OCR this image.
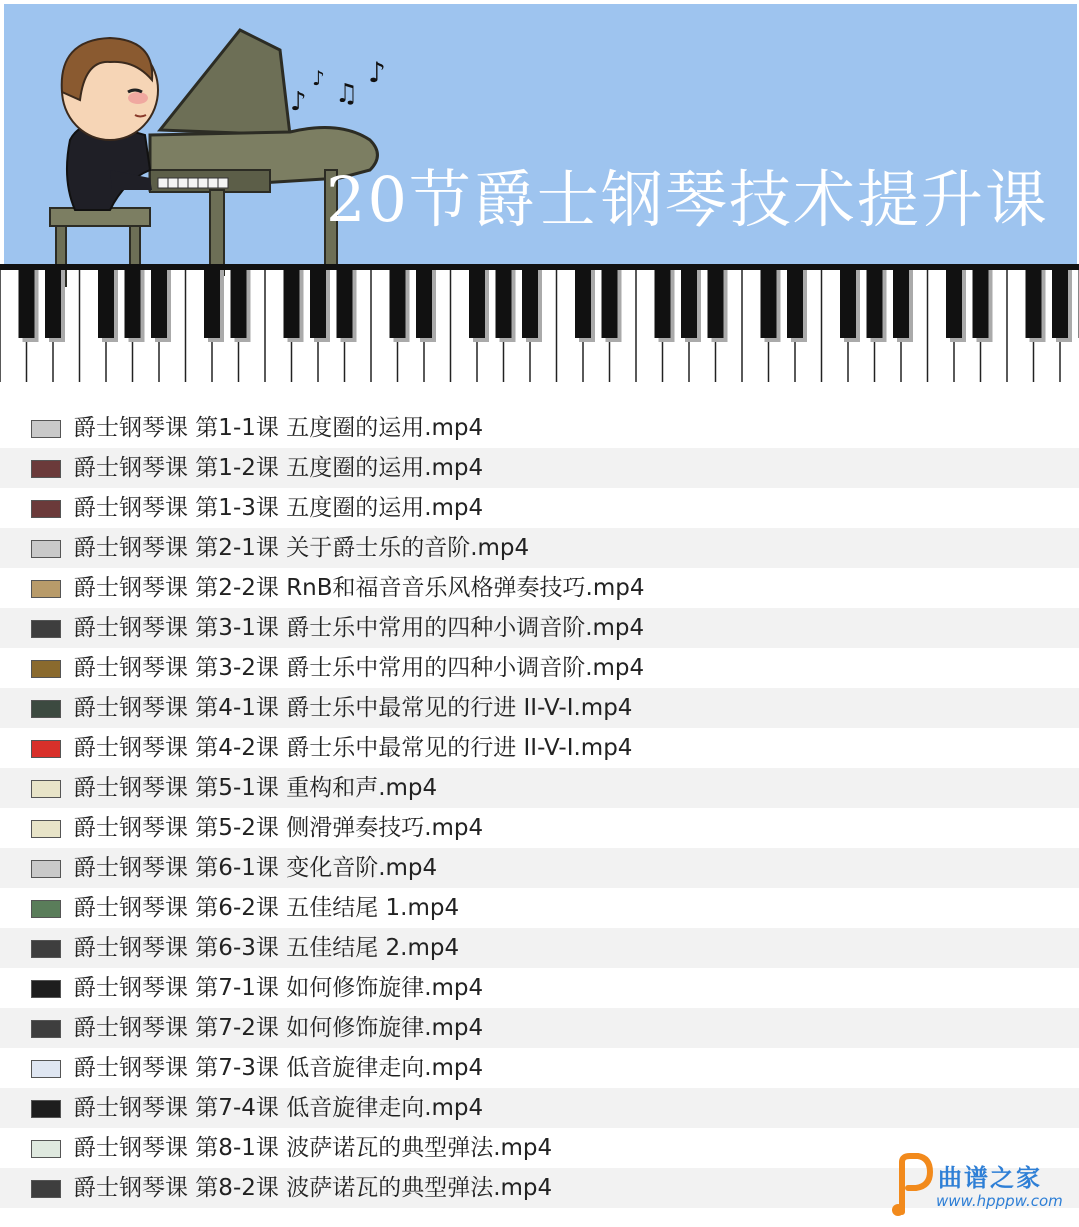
♪
♪
♫
♪
20节爵士钢琴技术提升课
爵士钢琴课 第1-1课 五度圈的运用.mp4
爵士钢琴课 第1-2课 五度圈的运用.mp4
爵士钢琴课 第1-3课 五度圈的运用.mp4
爵士钢琴课 第2-1课 关于爵士乐的音阶.mp4
爵士钢琴课 第2-2课 RnB和福音音乐风格弹奏技巧.mp4
爵士钢琴课 第3-1课 爵士乐中常用的四种小调音阶.mp4
爵士钢琴课 第3-2课 爵士乐中常用的四种小调音阶.mp4
爵士钢琴课 第4-1课 爵士乐中最常见的行进 II-V-I.mp4
爵士钢琴课 第4-2课 爵士乐中最常见的行进 II-V-I.mp4
爵士钢琴课 第5-1课 重构和声.mp4
爵士钢琴课 第5-2课 侧滑弹奏技巧.mp4
爵士钢琴课 第6-1课 变化音阶.mp4
爵士钢琴课 第6-2课 五佳结尾 1.mp4
爵士钢琴课 第6-3课 五佳结尾 2.mp4
爵士钢琴课 第7-1课 如何修饰旋律.mp4
爵士钢琴课 第7-2课 如何修饰旋律.mp4
爵士钢琴课 第7-3课 低音旋律走向.mp4
爵士钢琴课 第7-4课 低音旋律走向.mp4
爵士钢琴课 第8-1课 波萨诺瓦的典型弹法.mp4
爵士钢琴课 第8-2课 波萨诺瓦的典型弹法.mp4	曲谱之家
www.hpppw.com
